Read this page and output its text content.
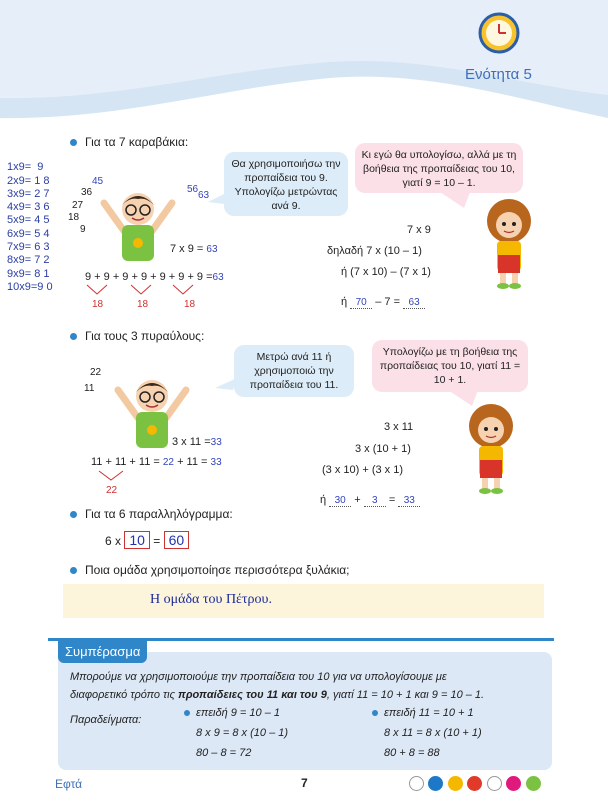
Ενότητα 5

1x9=  9
2x9= 1 8
3x9= 2 7
4x9= 3 6
5x9= 4 5
6x9= 5 4
7x9= 6 3
8x9= 7 2
9x9= 8 1
10x9=9 0

Για τα 7 καραβάκια:
Θα χρησιμοποιήσω την προπαίδεια του 9. Υπολογίζω μετρώντας ανά 9.
Κι εγώ θα υπολογίσω, αλλά με τη βοήθεια της προπαίδειας του 10, γιατί 9 = 10 – 1.
45
36
27
18
9
56
63
7 x 9 = 63
9 + 9 + 9 + 9 + 9 + 9 + 9 =63
18	18	18
7 x 9
δηλαδή 7 x (10 – 1)
ή (7 x 10) – (7 x 1)
ή 70 – 7 = 63
Για τους 3 πυραύλους:
Μετρώ ανά 11 ή χρησιμοποιώ την προπαίδεια του 11.
Υπολογίζω με τη βοήθεια της προπαίδειας του 10, γιατί 11 = 10 + 1.
22
11
3 x 11 =33
11 + 11 + 11 = 22 + 11 = 33
22
3 x 11
3 x (10 + 1)
(3 x 10) + (3 x 1)
ή 30 + 3 = 33
Για τα 6 παραλληλόγραμμα:
6 x 10 = 60
Ποια ομάδα χρησιμοποίησε περισσότερα ξυλάκια;
Η ομάδα του Πέτρου.
Συμπέρασμα
Μπορούμε να χρησιμοποιούμε την προπαίδεια του 10 για να υπολογίσουμε με
διαφορετικό τρόπο τις προπαίδειες του 11 και του 9, γιατί 11 = 10 + 1 και 9 = 10 – 1.
Παραδείγματα:
επειδή 9 = 10 – 1
8 x 9 = 8 x (10 – 1)
80 – 8 = 72
επειδή 11 = 10 + 1
8 x 11 = 8 x (10 + 1)
80 + 8 = 88
Εφτά	7
